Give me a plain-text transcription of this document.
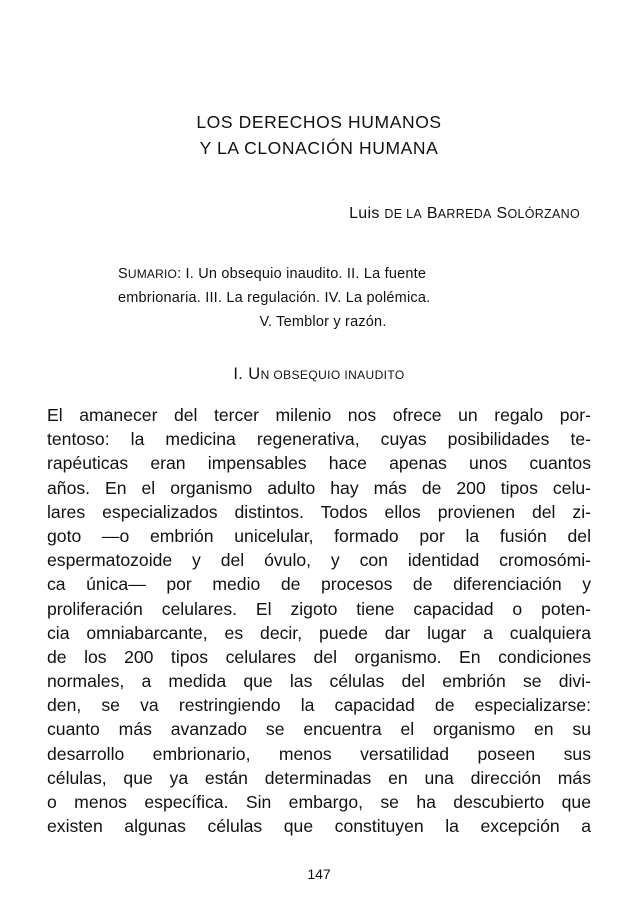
LOS DERECHOS HUMANOS
Y LA CLONACIÓN HUMANA
Luis DE LA BARREDA SOLÓRZANO
SUMARIO: I. Un obsequio inaudito. II. La fuente
embrionaria. III. La regulación. IV. La polémica.
V. Temblor y razón.
I. UN OBSEQUIO INAUDITO
El amanecer del tercer milenio nos ofrece un regalo por-
tentoso: la medicina regenerativa, cuyas posibilidades te-
rapéuticas eran impensables hace apenas unos cuantos
años. En el organismo adulto hay más de 200 tipos celu-
lares especializados distintos. Todos ellos provienen del zi-
goto —o embrión unicelular, formado por la fusión del
espermatozoide y del óvulo, y con identidad cromosómi-
ca única— por medio de procesos de diferenciación y
proliferación celulares. El zigoto tiene capacidad o poten-
cia omniabarcante, es decir, puede dar lugar a cualquiera
de los 200 tipos celulares del organismo. En condiciones
normales, a medida que las células del embrión se divi-
den, se va restringiendo la capacidad de especializarse:
cuanto más avanzado se encuentra el organismo en su
desarrollo embrionario, menos versatilidad poseen sus
células, que ya están determinadas en una dirección más
o menos específica. Sin embargo, se ha descubierto que
existen algunas células que constituyen la excepción a
147
